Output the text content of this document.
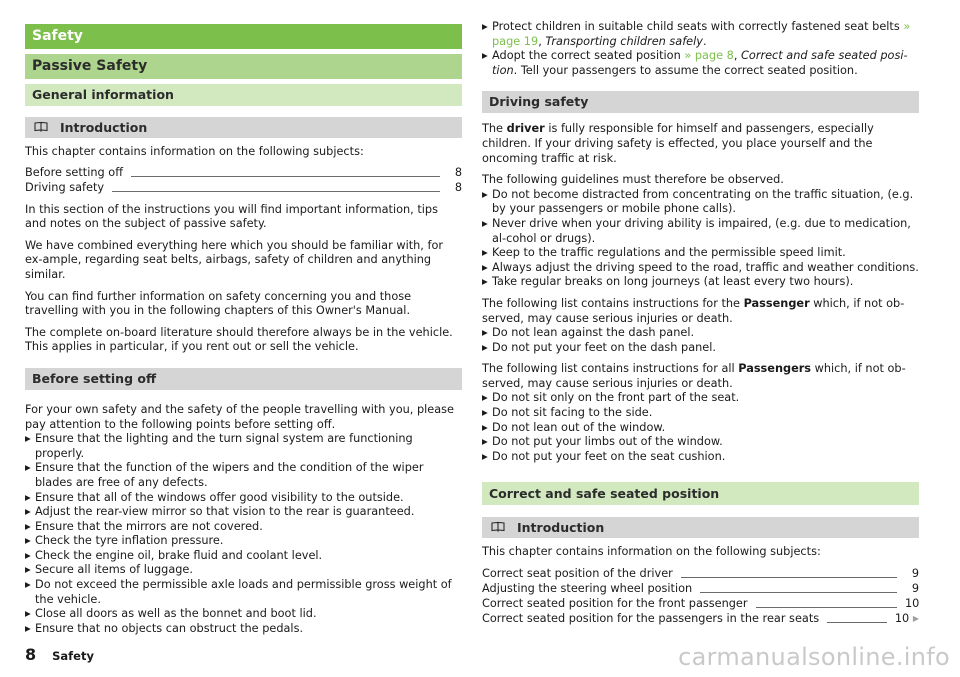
Safety
Passive Safety
General information
Introduction

This chapter contains information on the following subjects:

Before setting off	8
Driving safety	8

In this section of the instructions you will find important information, tips and notes on the subject of passive safety.

We have combined everything here which you should be familiar with, for ex-ample, regarding seat belts, airbags, safety of children and anything similar.

You can find further information on safety concerning you and those travelling with you in the following chapters of this Owner's Manual.

The complete on-board literature should therefore always be in the vehicle. This applies in particular, if you rent out or sell the vehicle.

Before setting off

For your own safety and the safety of the people travelling with you, please pay attention to the following points before setting off.

▶ Ensure that the lighting and the turn signal system are functioning properly.
▶ Ensure that the function of the wipers and the condition of the wiper blades are free of any defects.
▶ Ensure that all of the windows offer good visibility to the outside.
▶ Adjust the rear-view mirror so that vision to the rear is guaranteed.
▶ Ensure that the mirrors are not covered.
▶ Check the tyre inflation pressure.
▶ Check the engine oil, brake fluid and coolant level.
▶ Secure all items of luggage.
▶ Do not exceed the permissible axle loads and permissible gross weight of the vehicle.
▶ Close all doors as well as the bonnet and boot lid.
▶ Ensure that no objects can obstruct the pedals.
▶ Protect children in suitable child seats with correctly fastened seat belts » page 19, Transporting children safely.
▶ Adopt the correct seated position » page 8, Correct and safe seated posi-tion. Tell your passengers to assume the correct seated position.
Driving safety

The driver is fully responsible for himself and passengers, especially children. If your driving safety is effected, you place yourself and the oncoming traffic at risk.

The following guidelines must therefore be observed.

▶ Do not become distracted from concentrating on the traffic situation, (e.g. by your passengers or mobile phone calls).
▶ Never drive when your driving ability is impaired, (e.g. due to medication, al-cohol or drugs).
▶ Keep to the traffic regulations and the permissible speed limit.
▶ Always adjust the driving speed to the road, traffic and weather conditions.
▶ Take regular breaks on long journeys (at least every two hours).

The following list contains instructions for the Passenger which, if not ob-served, may cause serious injuries or death.

▶ Do not lean against the dash panel.
▶ Do not put your feet on the dash panel.

The following list contains instructions for all Passengers which, if not ob-served, may cause serious injuries or death.

▶ Do not sit only on the front part of the seat.
▶ Do not sit facing to the side.
▶ Do not lean out of the window.
▶ Do not put your limbs out of the window.
▶ Do not put your feet on the seat cushion.
Correct and safe seated position
Introduction

This chapter contains information on the following subjects:

Correct seat position of the driver	9
Adjusting the steering wheel position	9
Correct seated position for the front passenger	10
Correct seated position for the passengers in the rear seats	10 ▶
8 Safety	carmanualsonline.info
